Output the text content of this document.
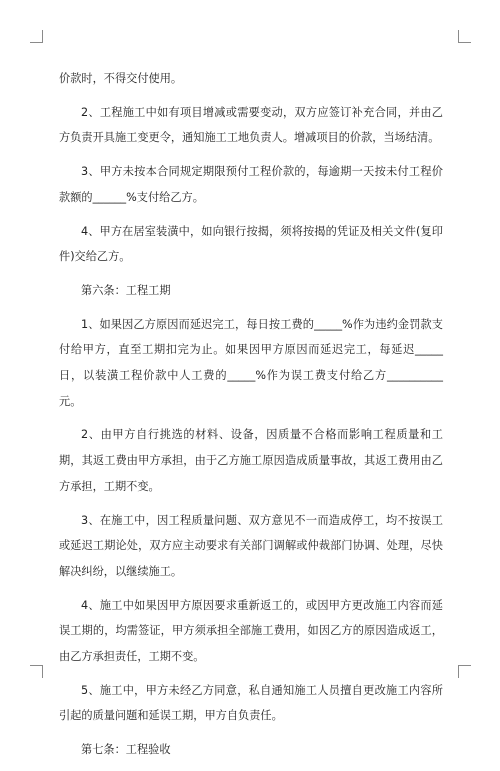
价款时，不得交付使用。

2、工程施工中如有项目增减或需要变动，双方应签订补充合同，并由乙方负责开具施工变更令，通知施工工地负责人。增减项目的价款，当场结清。

3、甲方未按本合同规定期限预付工程价款的，每逾期一天按未付工程价款额的______%支付给乙方。

4、甲方在居室装潢中，如向银行按揭，须将按揭的凭证及相关文件(复印件)交给乙方。

第六条：工程工期

1、如果因乙方原因而延迟完工，每日按工费的_____%作为违约金罚款支付给甲方，直至工期扣完为止。如果因甲方原因而延迟完工，每延迟_____日，以装潢工程价款中人工费的_____%作为误工费支付给乙方__________元。

2、由甲方自行挑选的材料、设备，因质量不合格而影响工程质量和工期，其返工费由甲方承担，由于乙方施工原因造成质量事故，其返工费用由乙方承担，工期不变。

3、在施工中，因工程质量问题、双方意见不一而造成停工，均不按误工或延迟工期论处，双方应主动要求有关部门调解或仲裁部门协调、处理，尽快解决纠纷，以继续施工。

4、施工中如果因甲方原因要求重新返工的，或因甲方更改施工内容而延误工期的，均需签证，甲方须承担全部施工费用，如因乙方的原因造成返工，由乙方承担责任，工期不变。

5、施工中，甲方未经乙方同意，私自通知施工人员擅自更改施工内容所引起的质量问题和延误工期，甲方自负责任。

第七条：工程验收
